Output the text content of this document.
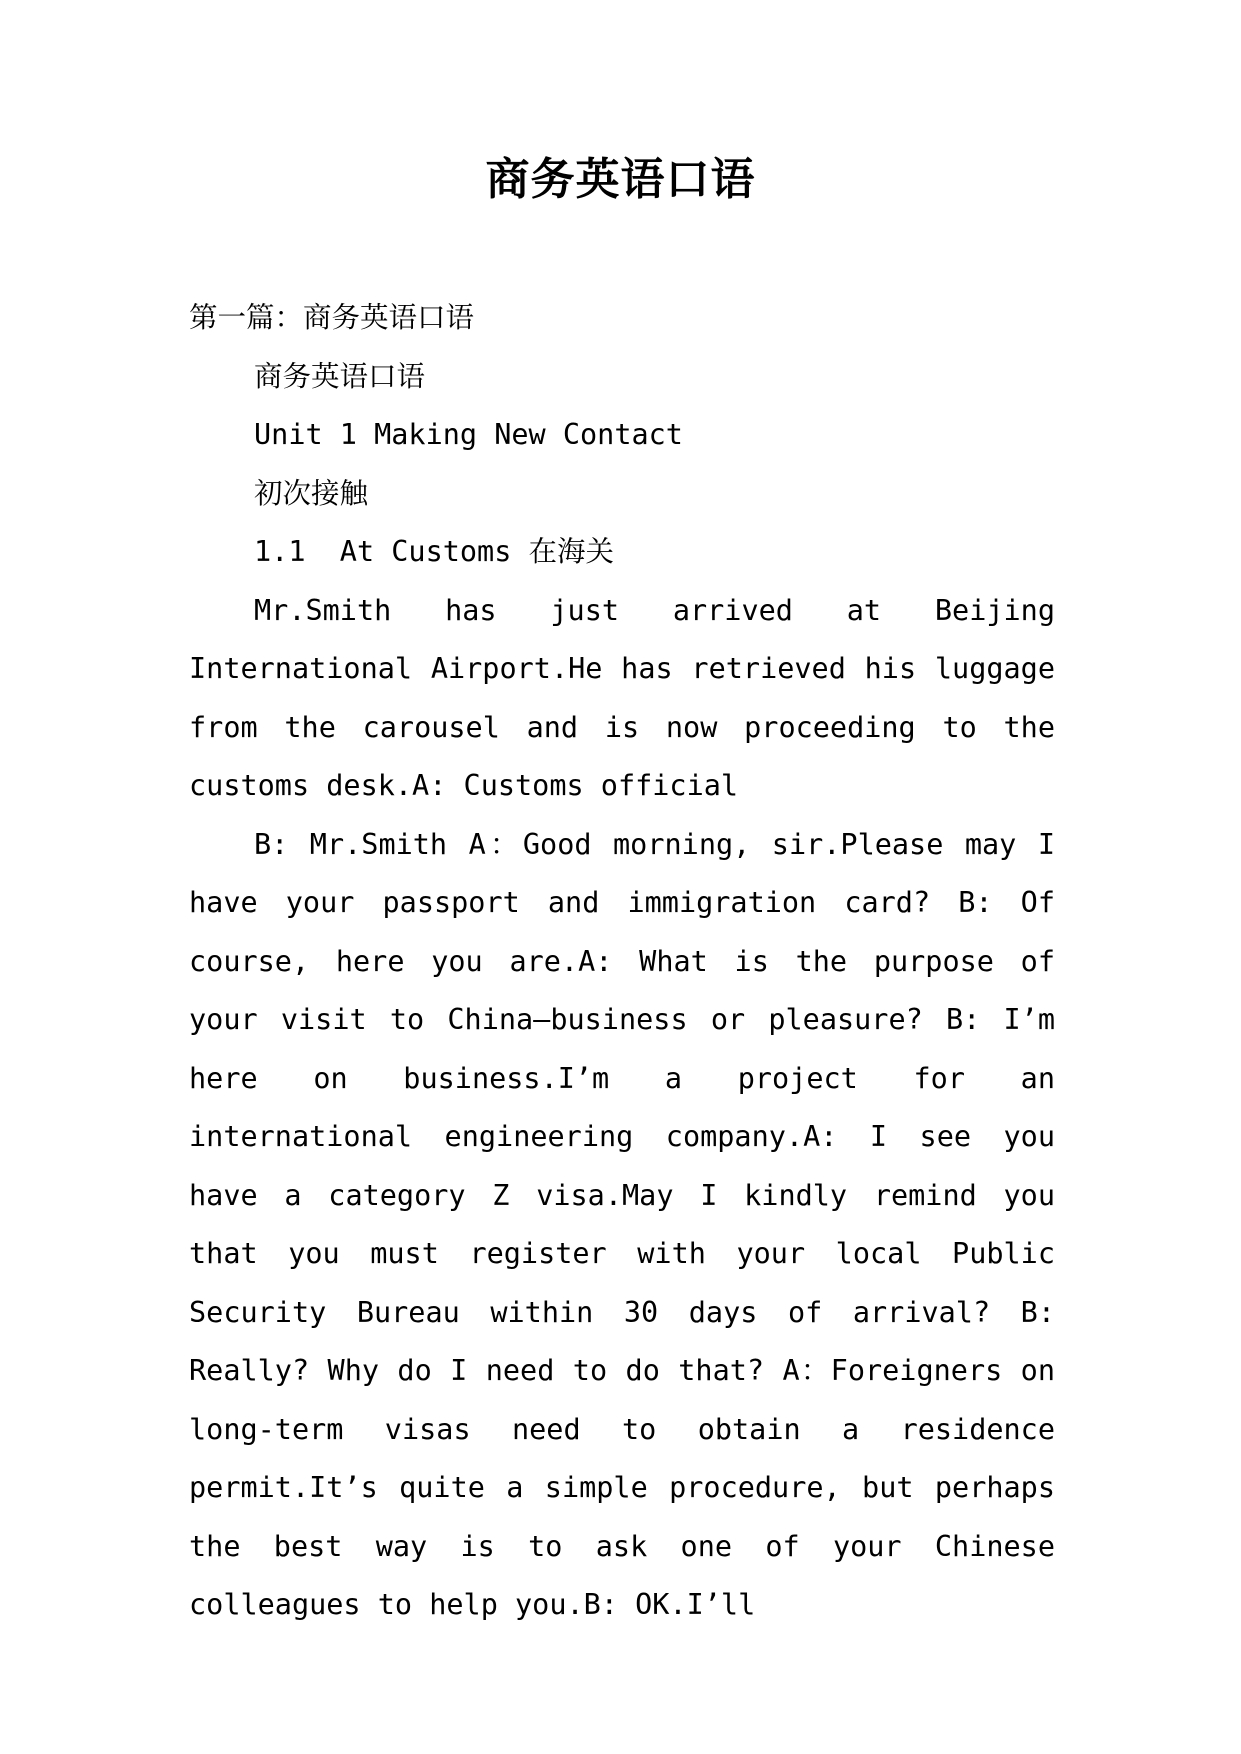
商务英语口语

第一篇：商务英语口语

商务英语口语

Unit 1 Making New Contact

初次接触

1.1  At Customs 在海关

Mr.Smith has just arrived at Beijing International Airport.He has retrieved his luggage from the carousel and is now proceeding to the customs desk.A: Customs official

B: Mr.Smith A：Good morning, sir.Please may I have your passport and immigration card? B: Of course, here you are.A: What is the purpose of your visit to China—business or pleasure? B: I’m here on business.I’m a project for an international engineering company.A: I see you have a category Z visa.May I kindly remind you that you must register with your local Public Security Bureau within 30 days of arrival? B: Really? Why do I need to do that? A：Foreigners on long-term visas need to obtain a residence permit.It’s quite a simple procedure, but perhaps the best way is to ask one of your Chinese colleagues to help you.B: OK.I’ll
